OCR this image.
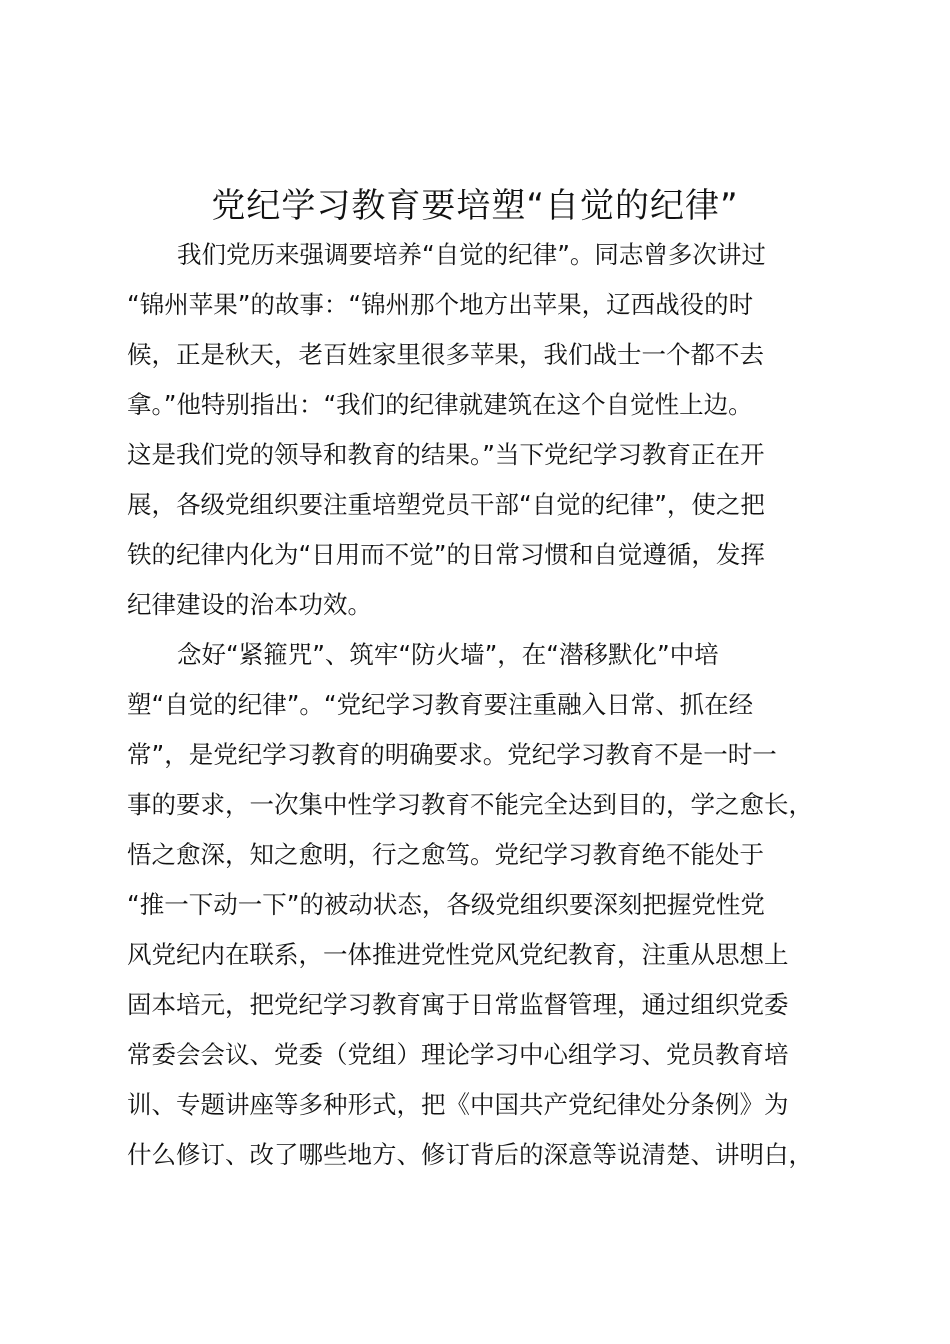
党纪学习教育要培塑“自觉的纪律”
我们党历来强调要培养“自觉的纪律”。同志曾多次讲过
“锦州苹果”的故事：“锦州那个地方出苹果，辽西战役的时
候，正是秋天，老百姓家里很多苹果，我们战士一个都不去
拿。”他特别指出：“我们的纪律就建筑在这个自觉性上边。
这是我们党的领导和教育的结果。”当下党纪学习教育正在开
展，各级党组织要注重培塑党员干部“自觉的纪律”，使之把
铁的纪律内化为“日用而不觉”的日常习惯和自觉遵循，发挥
纪律建设的治本功效。
念好“紧箍咒”、筑牢“防火墙”，在“潜移默化”中培
塑“自觉的纪律”。“党纪学习教育要注重融入日常、抓在经
常”，是党纪学习教育的明确要求。党纪学习教育不是一时一
事的要求，一次集中性学习教育不能完全达到目的，学之愈长，
悟之愈深，知之愈明，行之愈笃。党纪学习教育绝不能处于
“推一下动一下”的被动状态，各级党组织要深刻把握党性党
风党纪内在联系，一体推进党性党风党纪教育，注重从思想上
固本培元，把党纪学习教育寓于日常监督管理，通过组织党委
常委会会议、党委（党组）理论学习中心组学习、党员教育培
训、专题讲座等多种形式，把《中国共产党纪律处分条例》为
什么修订、改了哪些地方、修订背后的深意等说清楚、讲明白，
